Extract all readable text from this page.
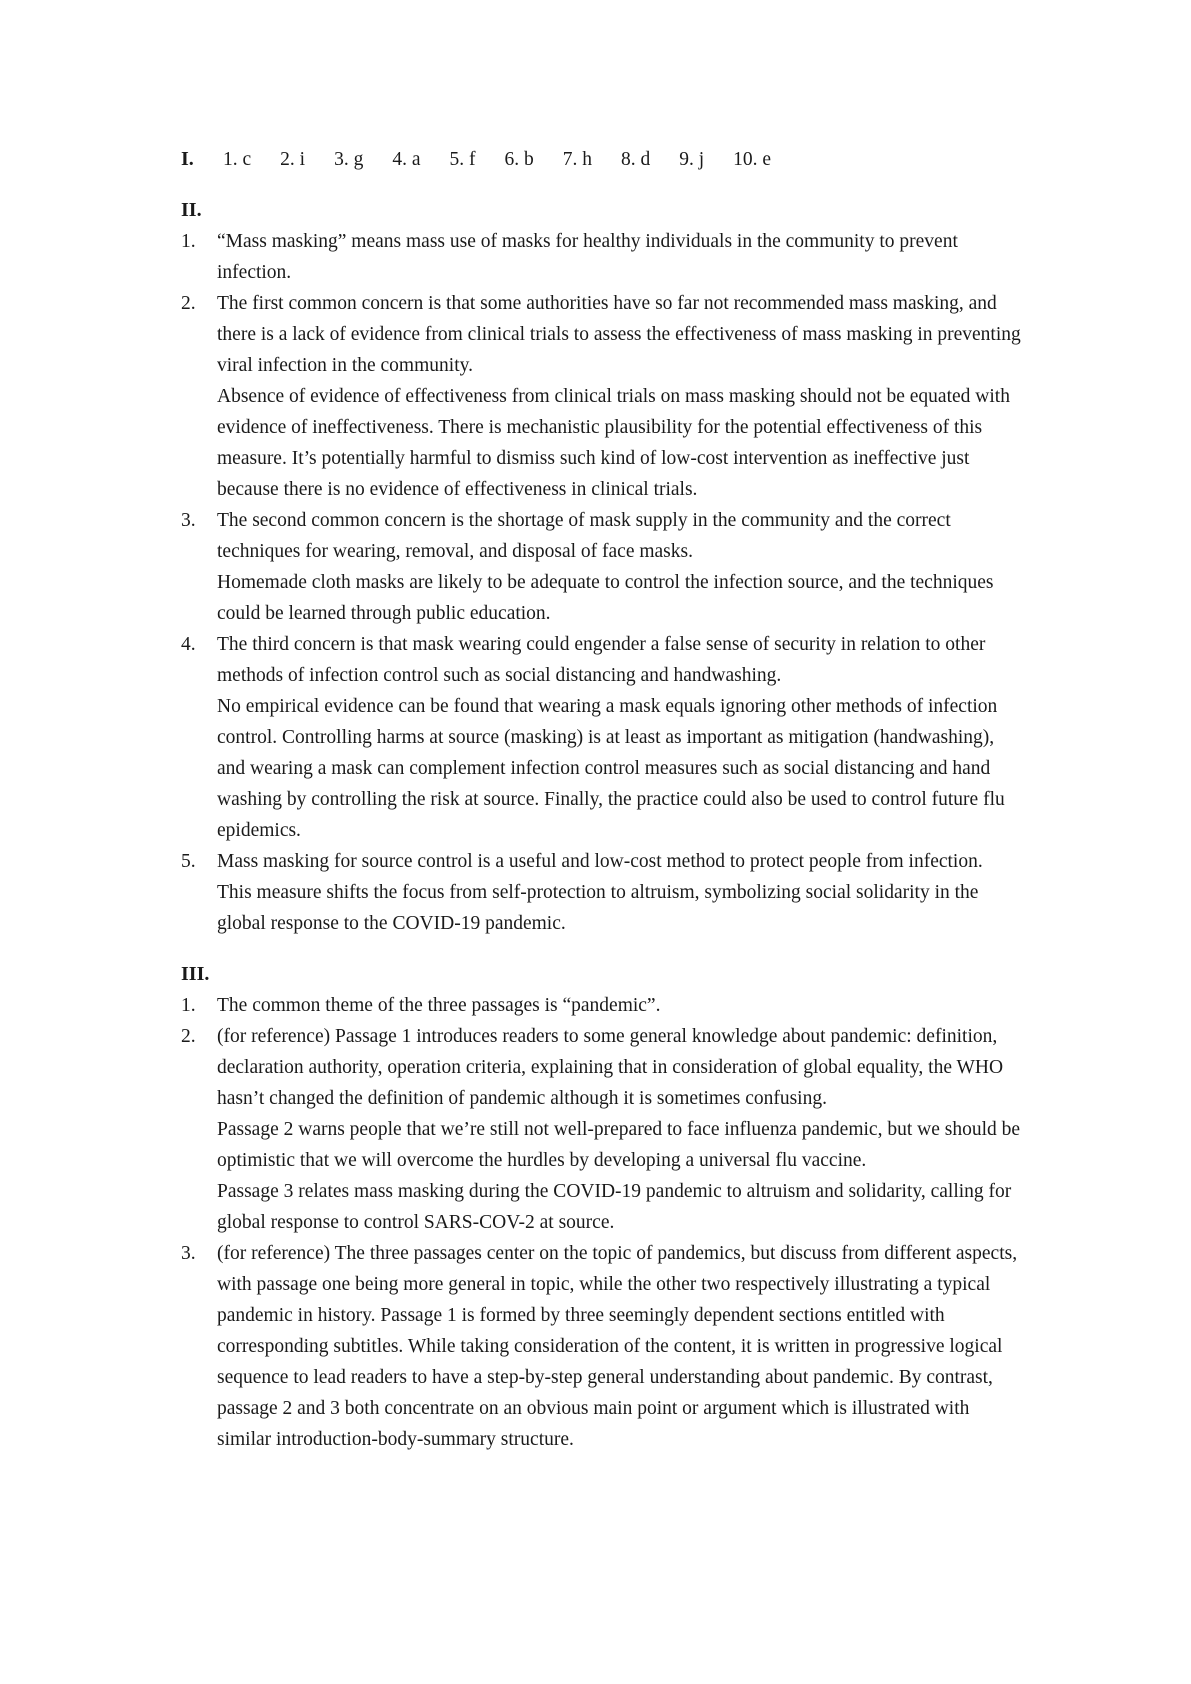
I.	1. c 2. i 3. g 4. a 5. f 6. b 7. h 8. d 9. j 10. e
II.
1.	“Mass masking” means mass use of masks for healthy individuals in the community to prevent infection.

2.	The first common concern is that some authorities have so far not recommended mass masking, and there is a lack of evidence from clinical trials to assess the effectiveness of mass masking in preventing viral infection in the community.

Absence of evidence of effectiveness from clinical trials on mass masking should not be equated with evidence of ineffectiveness. There is mechanistic plausibility for the potential effectiveness of this measure. It’s potentially harmful to dismiss such kind of low-cost intervention as ineffective just because there is no evidence of effectiveness in clinical trials.

3.	The second common concern is the shortage of mask supply in the community and the correct techniques for wearing, removal, and disposal of face masks.

Homemade cloth masks are likely to be adequate to control the infection source, and the techniques could be learned through public education.

4.	The third concern is that mask wearing could engender a false sense of security in relation to other methods of infection control such as social distancing and handwashing.

No empirical evidence can be found that wearing a mask equals ignoring other methods of infection control. Controlling harms at source (masking) is at least as important as mitigation (handwashing), and wearing a mask can complement infection control measures such as social distancing and hand washing by controlling the risk at source. Finally, the practice could also be used to control future flu epidemics.

5.	Mass masking for source control is a useful and low-cost method to protect people from infection. This measure shifts the focus from self-protection to altruism, symbolizing social solidarity in the global response to the COVID-19 pandemic.

III.
1.	The common theme of the three passages is “pandemic”.

2.	(for reference) Passage 1 introduces readers to some general knowledge about pandemic: definition, declaration authority, operation criteria, explaining that in consideration of global equality, the WHO hasn’t changed the definition of pandemic although it is sometimes confusing.

Passage 2 warns people that we’re still not well-prepared to face influenza pandemic, but we should be optimistic that we will overcome the hurdles by developing a universal flu vaccine.

Passage 3 relates mass masking during the COVID-19 pandemic to altruism and solidarity, calling for global response to control SARS-COV-2 at source.

3.	(for reference) The three passages center on the topic of pandemics, but discuss from different aspects, with passage one being more general in topic, while the other two respectively illustrating a typical pandemic in history. Passage 1 is formed by three seemingly dependent sections entitled with corresponding subtitles. While taking consideration of the content, it is written in progressive logical sequence to lead readers to have a step-by-step general understanding about pandemic. By contrast, passage 2 and 3 both concentrate on an obvious main point or argument which is illustrated with similar introduction-body-summary structure.
